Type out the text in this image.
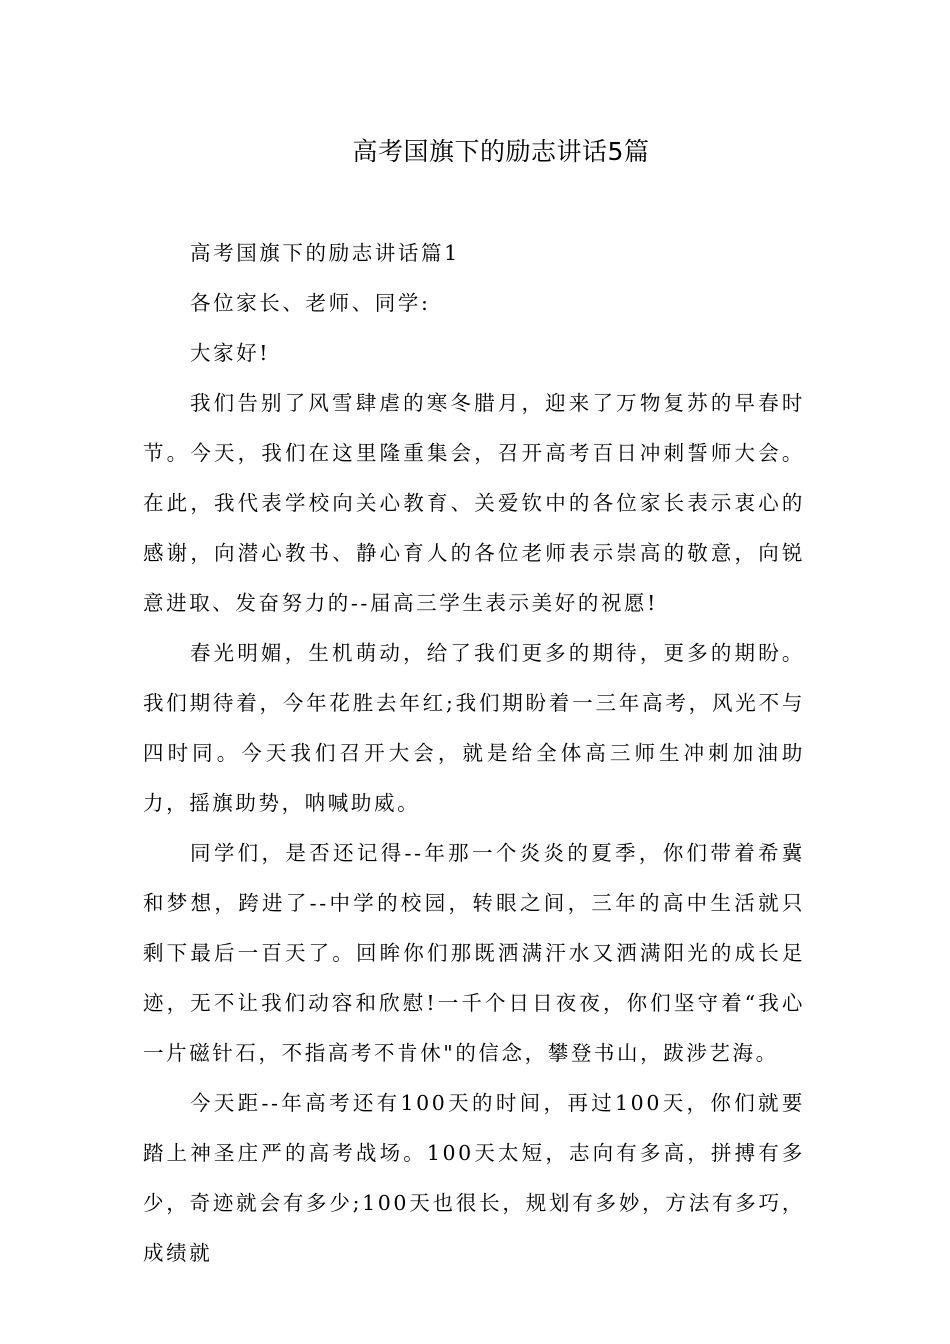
高考国旗下的励志讲话5篇

高考国旗下的励志讲话篇1

各位家长、老师、同学:

大家好!

我们告别了风雪肆虐的寒冬腊月，迎来了万物复苏的早春时节。今天，我们在这里隆重集会，召开高考百日冲刺誓师大会。在此，我代表学校向关心教育、关爱钦中的各位家长表示衷心的感谢，向潜心教书、静心育人的各位老师表示崇高的敬意，向锐意进取、发奋努力的--届高三学生表示美好的祝愿!

春光明媚，生机萌动，给了我们更多的期待，更多的期盼。我们期待着，今年花胜去年红;我们期盼着一三年高考，风光不与四时同。今天我们召开大会，就是给全体高三师生冲刺加油助力，摇旗助势，呐喊助威。

同学们，是否还记得--年那一个炎炎的夏季，你们带着希冀和梦想，跨进了--中学的校园，转眼之间，三年的高中生活就只剩下最后一百天了。回眸你们那既洒满汗水又洒满阳光的成长足迹，无不让我们动容和欣慰!一千个日日夜夜，你们坚守着“我心一片磁针石，不指高考不肯休"的信念，攀登书山，跋涉艺海。

今天距--年高考还有100天的时间，再过100天，你们就要踏上神圣庄严的高考战场。100天太短，志向有多高，拼搏有多少，奇迹就会有多少;100天也很长，规划有多妙，方法有多巧，成绩就
